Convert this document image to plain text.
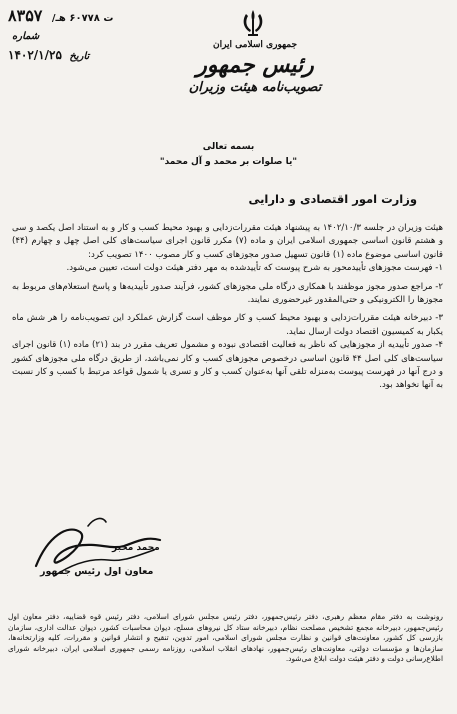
۸۳۵۷ /ت ۶۰۷۷۸ هـ
شماره
۱۴۰۲/۱/۲۵ تاریخ
جمهوری اسلامی ایران
رئیس جمهور
تصویب‌نامه هیئت وزیران
بسمه تعالی
"یا صلوات بر محمد و آل محمد"
وزارت امور اقتصادی و دارایی

هیئت وزیران در جلسه ۱۴۰۲/۱۰/۳ به پیشنهاد هیئت مقررات‌زدایی و بهبود محیط کسب و کار و به استناد اصل یکصد و سی و هشتم قانون اساسی جمهوری اسلامی ایران و ماده (۷) مکرر قانون اجرای سیاست‌های کلی اصل چهل و چهارم (۴۴) قانون اساسی موضوع ماده (۱) قانون تسهیل صدور مجوزهای کسب و کار مصوب ۱۴۰۰ تصویب کرد:

۱- فهرست مجوزهای تأییدمحور به شرح پیوست که تأییدشده به مهر دفتر هیئت دولت است، تعیین می‌شود.

۲- مراجع صدور مجوز موظفند با همکاری درگاه ملی مجوزهای کشور، فرآیند صدور تأییدیه‌ها و پاسخ استعلام‌های مربوط به مجوزها را الکترونیکی و حتی‌المقدور غیرحضوری نمایند.

۳- دبیرخانه هیئت مقررات‌زدایی و بهبود محیط کسب و کار موظف است گزارش عملکرد این تصویب‌نامه را هر شش ماه یکبار به کمیسیون اقتصاد دولت ارسال نماید.

۴- صدور تأییدیه از مجوزهایی که ناظر به فعالیت اقتصادی نبوده و مشمول تعریف مقرر در بند (۲۱) ماده (۱) قانون اجرای سیاست‌های کلی اصل ۴۴ قانون اساسی درخصوص مجوزهای کسب و کار نمی‌باشد، از طریق درگاه ملی مجوزهای کشور و درج آنها در فهرست پیوست به‌منزله تلقی آنها به‌عنوان کسب و کار و تسری یا شمول قواعد مرتبط با کسب و کار نسبت به آنها نخواهد بود.

محمد مخبر
معاون اول رئیس جمهور
رونوشت به دفتر مقام معظم رهبری، دفتر رئیس‌جمهور، دفتر رئیس مجلس شورای اسلامی، دفتر رئیس قوه قضاییه، دفتر معاون اول رئیس‌جمهور، دبیرخانه مجمع تشخیص مصلحت نظام، دبیرخانه ستاد کل نیروهای مسلح، دیوان محاسبات کشور، دیوان عدالت اداری، سازمان بازرسی کل کشور، معاونت‌های قوانین و نظارت مجلس شورای اسلامی، امور تدوین، تنقیح و انتشار قوانین و مقررات، کلیه وزارتخانه‌ها، سازمان‌ها و مؤسسات دولتی، معاونت‌های رئیس‌جمهور، نهادهای انقلاب اسلامی، روزنامه رسمی جمهوری اسلامی ایران، دبیرخانه شورای اطلاع‌رسانی دولت و دفتر هیئت دولت ابلاغ می‌شود.
